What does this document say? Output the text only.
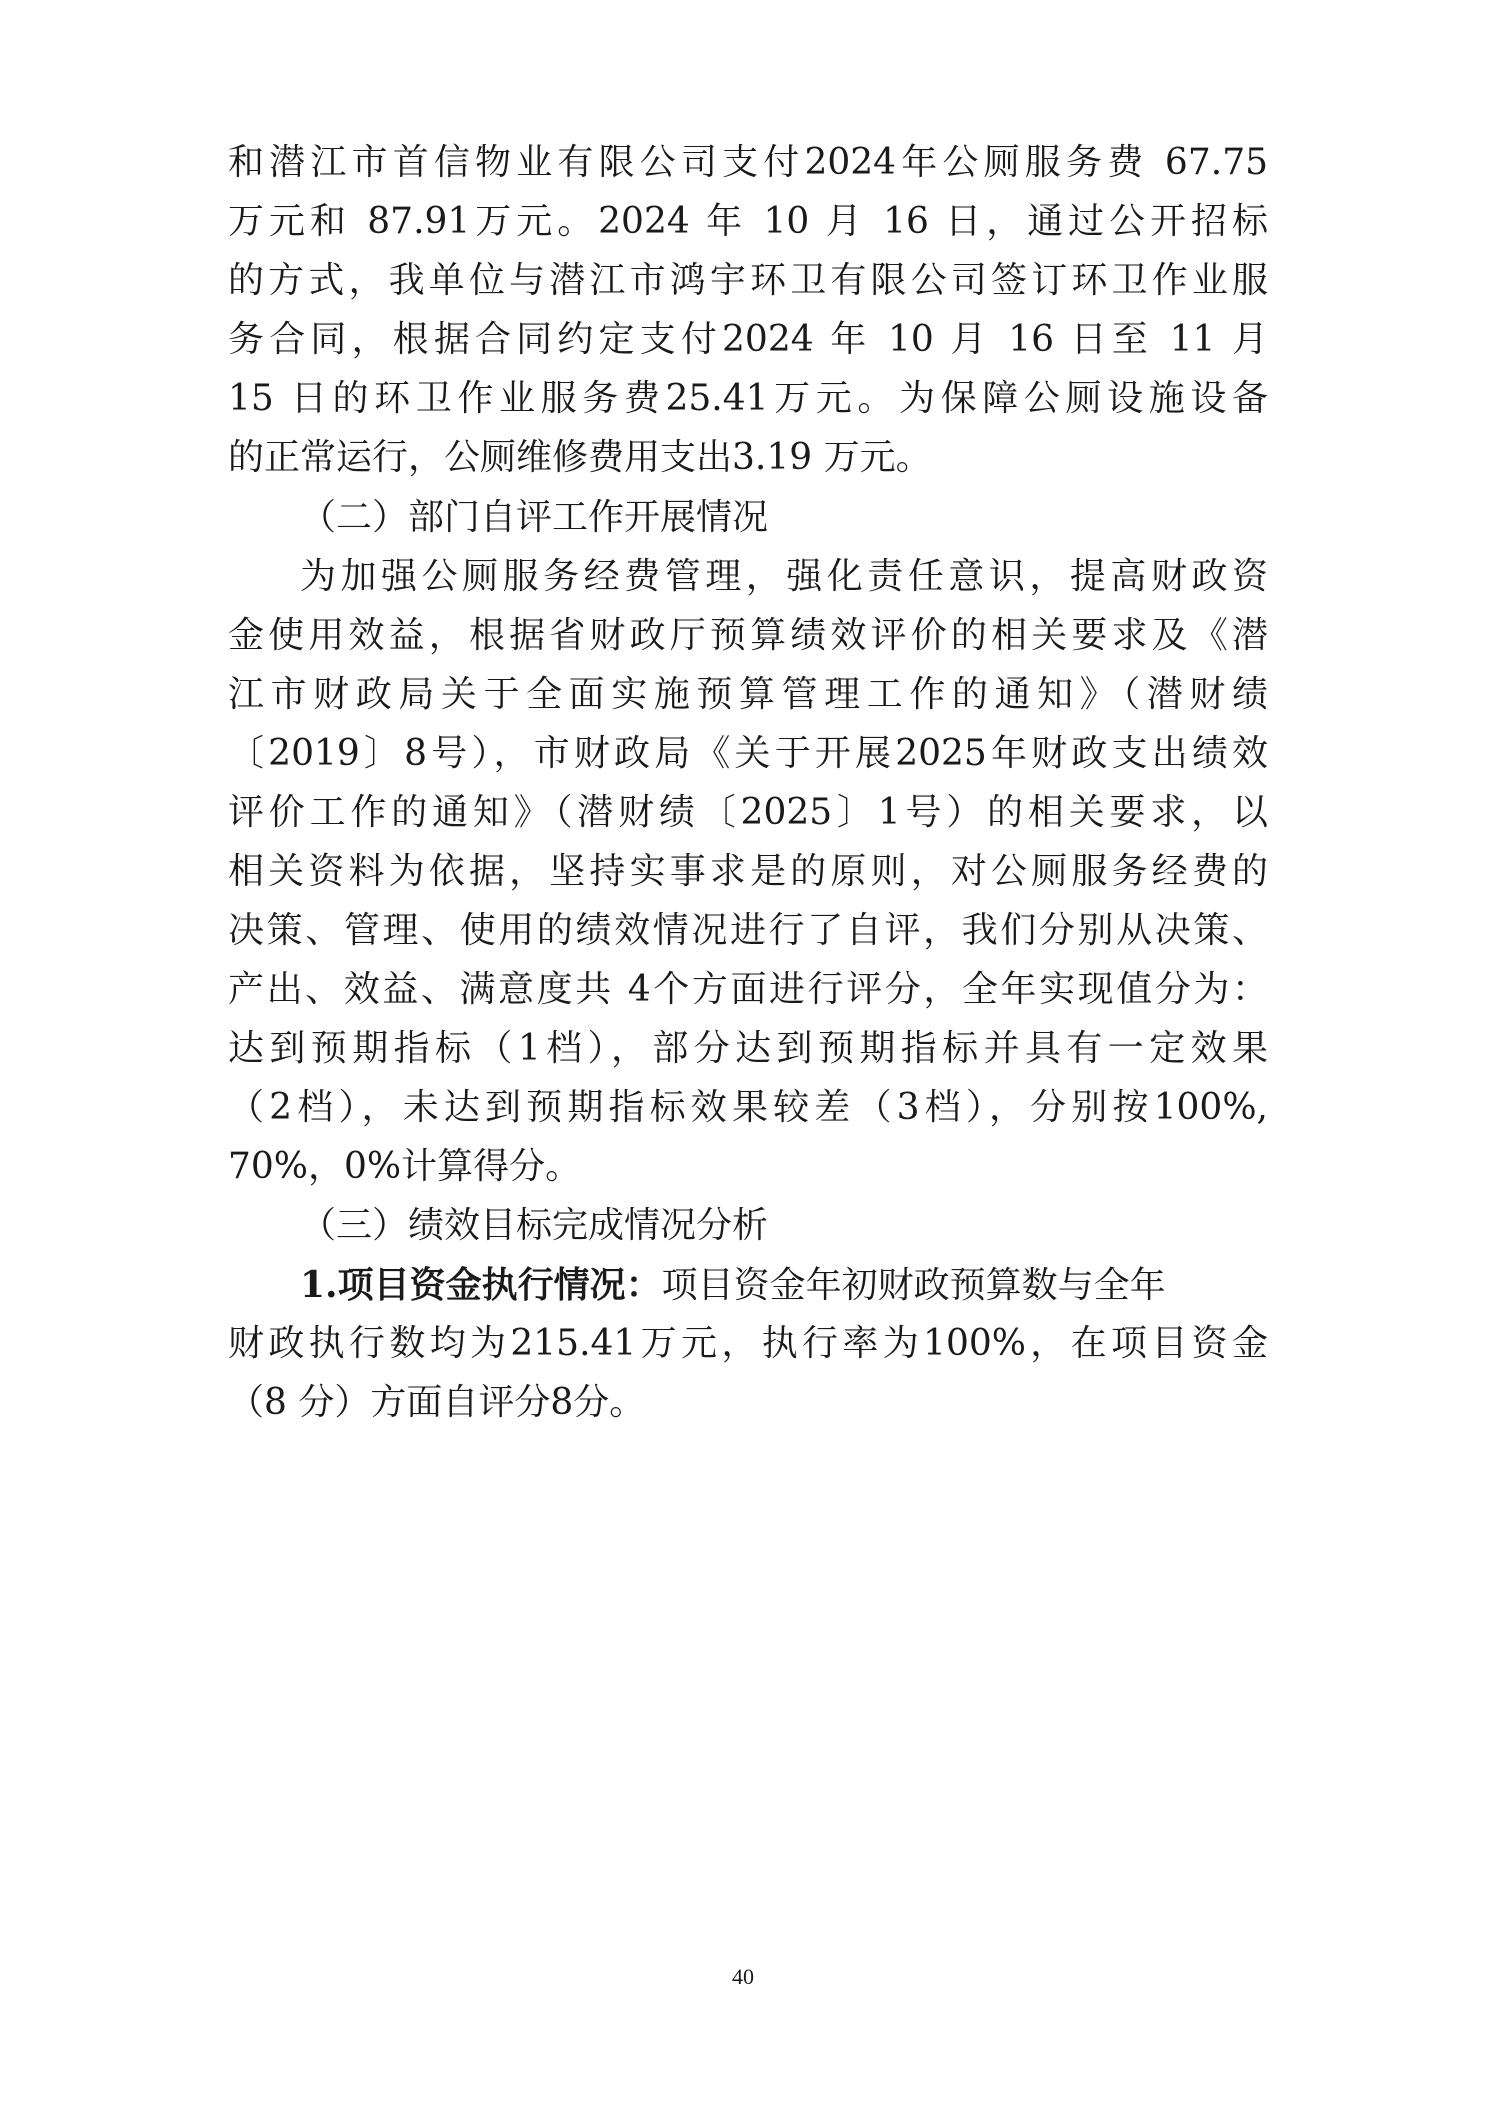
和潜江市首信物业有限公司支付2024年公厕服务费 67.75
万元和 87.91万元。2024 年 10 月 16 日，通过公开招标
的方式，我单位与潜江市鸿宇环卫有限公司签订环卫作业服
务合同，根据合同约定支付2024 年 10 月 16 日至 11 月
15 日的环卫作业服务费25.41万元。为保障公厕设施设备
的正常运行，公厕维修费用支出3.19 万元。
（二）部门自评工作开展情况
为加强公厕服务经费管理，强化责任意识，提高财政资
金使用效益，根据省财政厅预算绩效评价的相关要求及《潜
江市财政局关于全面实施预算管理工作的通知》（潜财绩
〔2019〕8号），市财政局《关于开展2025年财政支出绩效
评价工作的通知》（潜财绩〔2025〕1号）的相关要求，以
相关资料为依据，坚持实事求是的原则，对公厕服务经费的
决策、管理、使用的绩效情况进行了自评，我们分别从决策、
产出、效益、满意度共 4个方面进行评分，全年实现值分为：
达到预期指标（1档），部分达到预期指标并具有一定效果
（2档），未达到预期指标效果较差（3档），分别按100%,
70%，0%计算得分。
（三）绩效目标完成情况分析
1.项目资金执行情况：项目资金年初财政预算数与全年
财政执行数均为215.41万元，执行率为100%，在项目资金
（8 分）方面自评分8分。
40
